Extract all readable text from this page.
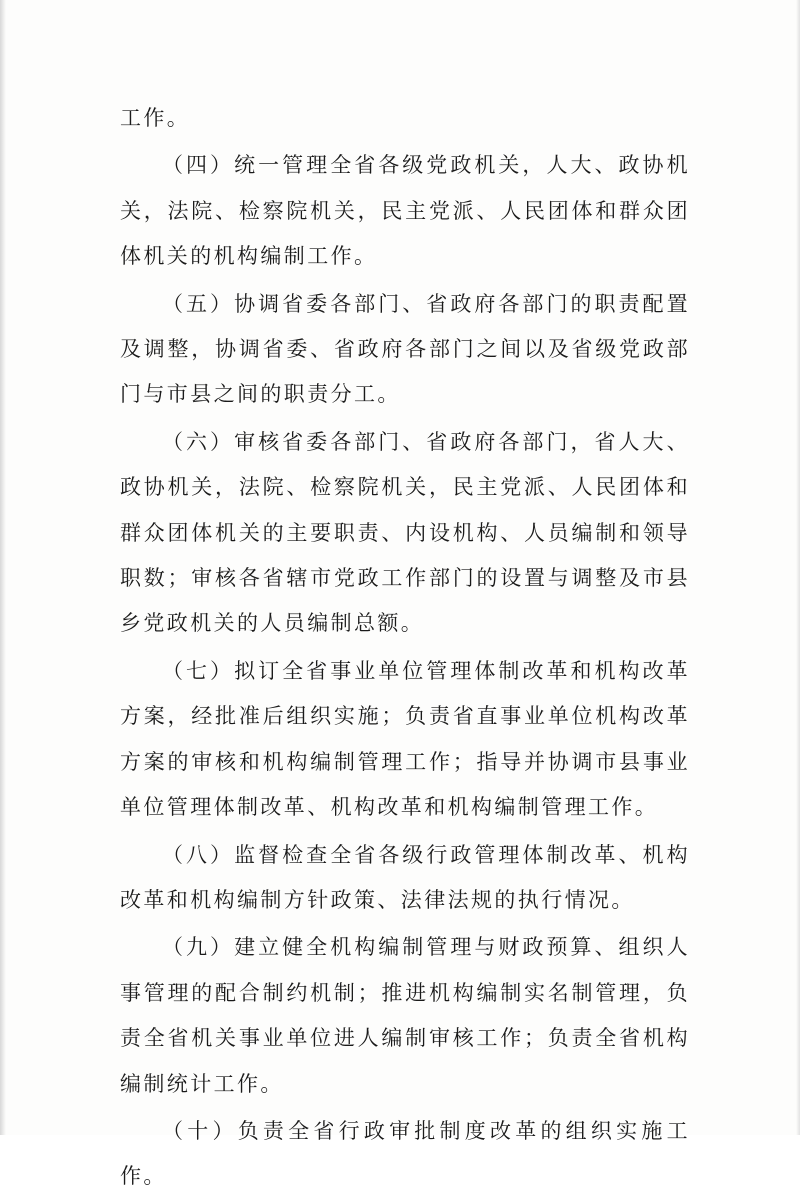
工作。

（四）统一管理全省各级党政机关，人大、政协机关，法院、检察院机关，民主党派、人民团体和群众团体机关的机构编制工作。

（五）协调省委各部门、省政府各部门的职责配置及调整，协调省委、省政府各部门之间以及省级党政部门与市县之间的职责分工。

（六）审核省委各部门、省政府各部门，省人大、政协机关，法院、检察院机关，民主党派、人民团体和群众团体机关的主要职责、内设机构、人员编制和领导职数；审核各省辖市党政工作部门的设置与调整及市县乡党政机关的人员编制总额。

（七）拟订全省事业单位管理体制改革和机构改革方案，经批准后组织实施；负责省直事业单位机构改革方案的审核和机构编制管理工作；指导并协调市县事业单位管理体制改革、机构改革和机构编制管理工作。

（八）监督检查全省各级行政管理体制改革、机构改革和机构编制方针政策、法律法规的执行情况。

（九）建立健全机构编制管理与财政预算、组织人事管理的配合制约机制；推进机构编制实名制管理，负责全省机关事业单位进人编制审核工作；负责全省机构编制统计工作。

（十）负责全省行政审批制度改革的组织实施工作。
